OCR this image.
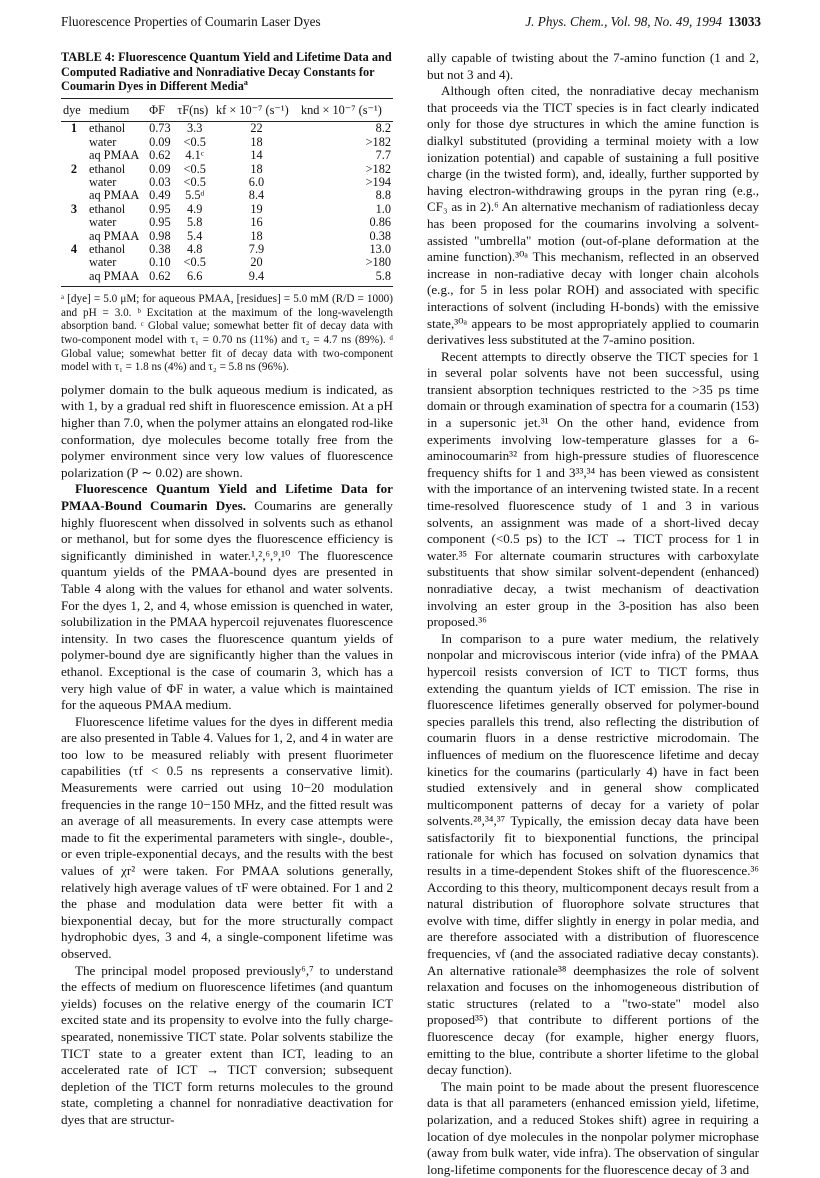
Fluorescence Properties of Coumarin Laser Dyes	J. Phys. Chem., Vol. 98, No. 49, 1994 13033
TABLE 4: Fluorescence Quantum Yield and Lifetime Data and Computed Radiative and Nonradiative Decay Constants for Coumarin Dyes in Different Media$^a$
dye	medium	ΦF	τF(ns)	kf × 10⁻⁷ (s⁻¹)	knd × 10⁻⁷ (s⁻¹)
1	ethanol	0.73	3.3	22	8.2
	water	0.09	<0.5	18	>182
	aq PMAA	0.62	4.1ᶜ	14	7.7
2	ethanol	0.09	<0.5	18	>182
	water	0.03	<0.5	6.0	>194
	aq PMAA	0.49	5.5ᵈ	8.4	8.8
3	ethanol	0.95	4.9	19	1.0
	water	0.95	5.8	16	0.86
	aq PMAA	0.98	5.4	18	0.38
4	ethanol	0.38	4.8	7.9	13.0
	water	0.10	<0.5	20	>180
	aq PMAA	0.62	6.6	9.4	5.8
ᵃ [dye] = 5.0 μM; for aqueous PMAA, [residues] = 5.0 mM (R/D = 1000) and pH = 3.0. ᵇ Excitation at the maximum of the long-wavelength absorption band. ᶜ Global value; somewhat better fit of decay data with two-component model with τ₁ = 0.70 ns (11%) and τ₂ = 4.7 ns (89%). ᵈ Global value; somewhat better fit of decay data with two-component model with τ₁ = 1.8 ns (4%) and τ₂ = 5.8 ns (96%).

polymer domain to the bulk aqueous medium is indicated, as with 1, by a gradual red shift in fluorescence emission. At a pH higher than 7.0, when the polymer attains an elongated rod-like conformation, dye molecules become totally free from the polymer environment since very low values of fluorescence polarization (P ∼ 0.02) are shown.

Fluorescence Quantum Yield and Lifetime Data for PMAA-Bound Coumarin Dyes. Coumarins are generally highly fluorescent when dissolved in solvents such as ethanol or methanol, but for some dyes the fluorescence efficiency is significantly diminished in water.¹,²,⁶,⁹,¹⁰ The fluorescence quantum yields of the PMAA-bound dyes are presented in Table 4 along with the values for ethanol and water solvents. For the dyes 1, 2, and 4, whose emission is quenched in water, solubilization in the PMAA hypercoil rejuvenates fluorescence intensity. In two cases the fluorescence quantum yields of polymer-bound dye are significantly higher than the values in ethanol. Exceptional is the case of coumarin 3, which has a very high value of ΦF in water, a value which is maintained for the aqueous PMAA medium.

Fluorescence lifetime values for the dyes in different media are also presented in Table 4. Values for 1, 2, and 4 in water are too low to be measured reliably with present fluorimeter capabilities (τf < 0.5 ns represents a conservative limit). Measurements were carried out using 10−20 modulation frequencies in the range 10−150 MHz, and the fitted result was an average of all measurements. In every case attempts were made to fit the experimental parameters with single-, double-, or even triple-exponential decays, and the results with the best values of χr² were taken. For PMAA solutions generally, relatively high average values of τF were obtained. For 1 and 2 the phase and modulation data were better fit with a biexponential decay, but for the more structurally compact hydrophobic dyes, 3 and 4, a single-component lifetime was observed.

The principal model proposed previously⁶,⁷ to understand the effects of medium on fluorescence lifetimes (and quantum yields) focuses on the relative energy of the coumarin ICT excited state and its propensity to evolve into the fully charge-spearated, nonemissive TICT state. Polar solvents stabilize the TICT state to a greater extent than ICT, leading to an accelerated rate of ICT → TICT conversion; subsequent depletion of the TICT form returns molecules to the ground state, completing a channel for nonradiative deactivation for dyes that are structur-

ally capable of twisting about the 7-amino function (1 and 2, but not 3 and 4).

Although often cited, the nonradiative decay mechanism that proceeds via the TICT species is in fact clearly indicated only for those dye structures in which the amine function is dialkyl substituted (providing a terminal moiety with a low ionization potential) and capable of sustaining a full positive charge (in the twisted form), and, ideally, further supported by having electron-withdrawing groups in the pyran ring (e.g., CF₃ as in 2).⁶ An alternative mechanism of radiationless decay has been proposed for the coumarins involving a solvent-assisted "umbrella" motion (out-of-plane deformation at the amine function).³⁰ᵃ This mechanism, reflected in an observed increase in non-radiative decay with longer chain alcohols (e.g., for 5 in less polar ROH) and associated with specific interactions of solvent (including H-bonds) with the emissive state,³⁰ᵃ appears to be most appropriately applied to coumarin derivatives less substituted at the 7-amino position.

Recent attempts to directly observe the TICT species for 1 in several polar solvents have not been successful, using transient absorption techniques restricted to the >35 ps time domain or through examination of spectra for a coumarin (153) in a supersonic jet.³¹ On the other hand, evidence from experiments involving low-temperature glasses for a 6-aminocoumarin³² from high-pressure studies of fluorescence frequency shifts for 1 and 3³³,³⁴ has been viewed as consistent with the importance of an intervening twisted state. In a recent time-resolved fluorescence study of 1 and 3 in various solvents, an assignment was made of a short-lived decay component (<0.5 ps) to the ICT → TICT process for 1 in water.³⁵ For alternate coumarin structures with carboxylate substituents that show similar solvent-dependent (enhanced) nonradiative decay, a twist mechanism of deactivation involving an ester group in the 3-position has also been proposed.³⁶

In comparison to a pure water medium, the relatively nonpolar and microviscous interior (vide infra) of the PMAA hypercoil resists conversion of ICT to TICT forms, thus extending the quantum yields of ICT emission. The rise in fluorescence lifetimes generally observed for polymer-bound species parallels this trend, also reflecting the distribution of coumarin fluors in a dense restrictive microdomain. The influences of medium on the fluorescence lifetime and decay kinetics for the coumarins (particularly 4) have in fact been studied extensively and in general show complicated multicomponent patterns of decay for a variety of polar solvents.²⁸,³⁴,³⁷ Typically, the emission decay data have been satisfactorily fit to biexponential functions, the principal rationale for which has focused on solvation dynamics that results in a time-dependent Stokes shift of the fluorescence.³⁶ According to this theory, multicomponent decays result from a natural distribution of fluorophore solvate structures that evolve with time, differ slightly in energy in polar media, and are therefore associated with a distribution of fluorescence frequencies, νf (and the associated radiative decay constants). An alternative rationale³⁸ deemphasizes the role of solvent relaxation and focuses on the inhomogeneous distribution of static structures (related to a "two-state" model also proposed³⁵) that contribute to different portions of the fluorescence decay (for example, higher energy fluors, emitting to the blue, contribute a shorter lifetime to the global decay function).

The main point to be made about the present fluorescence data is that all parameters (enhanced emission yield, lifetime, polarization, and a reduced Stokes shift) agree in requiring a location of dye molecules in the nonpolar polymer microphase (away from bulk water, vide infra). The observation of singular long-lifetime components for the fluorescence decay of 3 and
